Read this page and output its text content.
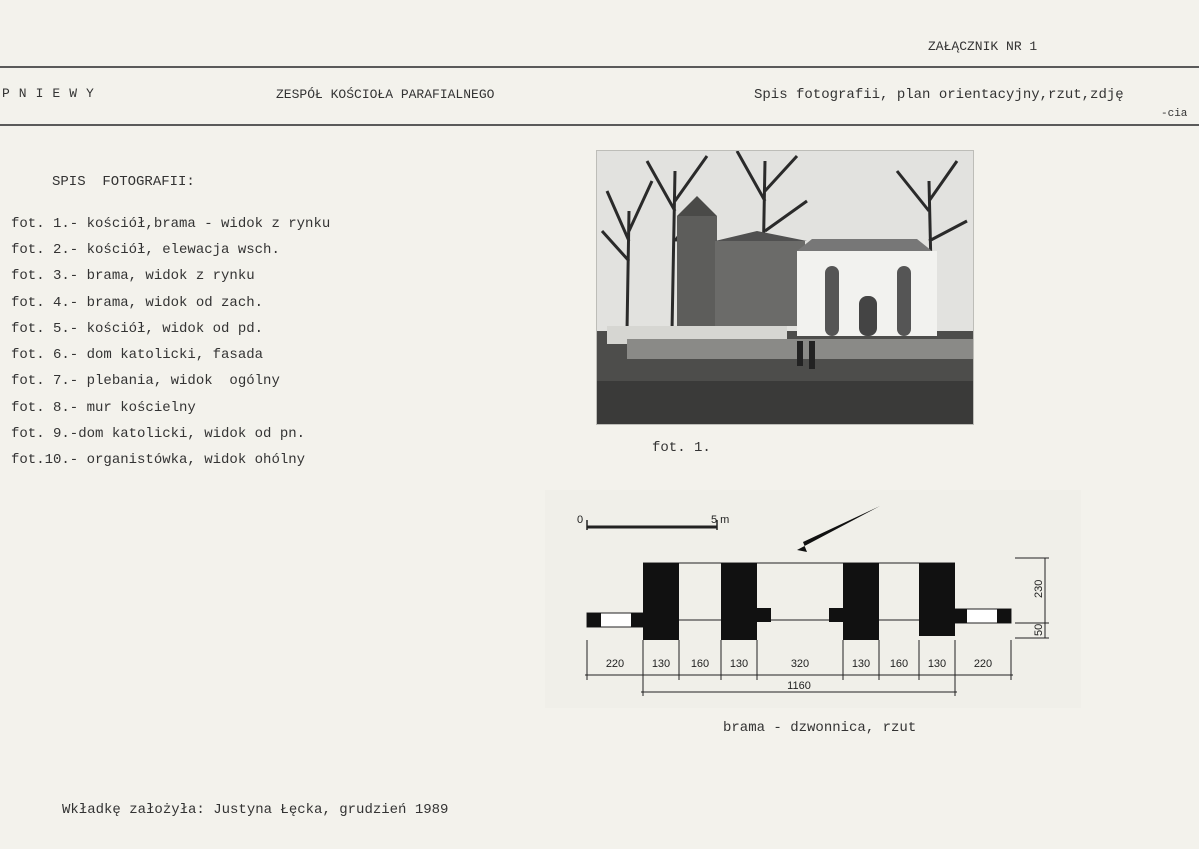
ZAŁĄCZNIK NR 1
PNIEWY	ZESPÓŁ KOŚCIOŁA PARAFIALNEGO	Spis fotografii, plan orientacyjny,rzut,zdję
-cia
SPIS  FOTOGRAFII:
fot. 1.- kościół,brama - widok z rynku
fot. 2.- kościół, elewacja wsch.
fot. 3.- brama, widok z rynku
fot. 4.- brama, widok od zach.
fot. 5.- kościół, widok od pd.
fot. 6.- dom katolicki, fasada
fot. 7.- plebania, widok  ogólny
fot. 8.- mur kościelny
fot. 9.-dom katolicki, widok od pn.
fot.10.- organistówka, widok ohólny
fot. 1.
0	5 m
230
50
220	130 160 130	320	130 160 130	220
1160
brama - dzwonnica, rzut
Wkładkę założyła: Justyna Łęcka, grudzień 1989
